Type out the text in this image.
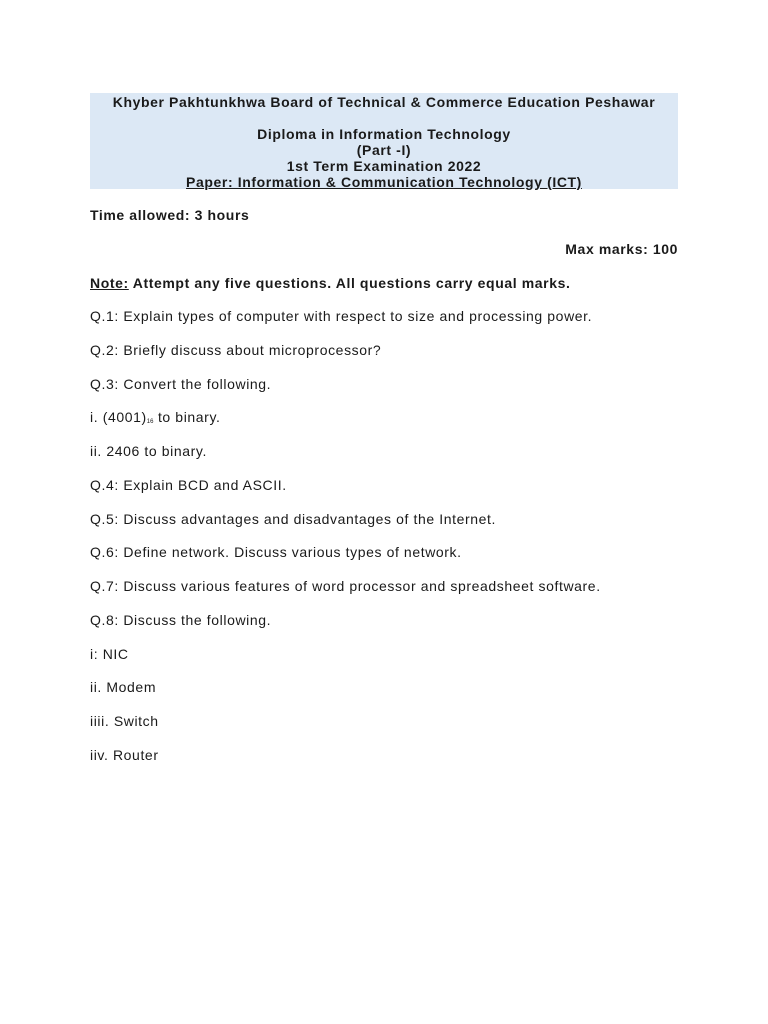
Khyber Pakhtunkhwa Board of Technical & Commerce Education Peshawar
Diploma in Information Technology
(Part -I)
1st Term Examination 2022
Paper: Information & Communication Technology (ICT)
Time allowed: 3 hours
Max marks: 100
Note: Attempt any five questions. All questions carry equal marks.
Q.1: Explain types of computer with respect to size and processing power.
Q.2: Briefly discuss about microprocessor?
Q.3: Convert the following.
i. $(4001)_{16}$ to binary.
ii. 2406 to binary.
Q.4: Explain BCD and ASCII.
Q.5: Discuss advantages and disadvantages of the Internet.
Q.6: Define network. Discuss various types of network.
Q.7: Discuss various features of word processor and spreadsheet software.
Q.8: Discuss the following.
i: NIC
ii. Modem
iiii. Switch
iiv. Router
